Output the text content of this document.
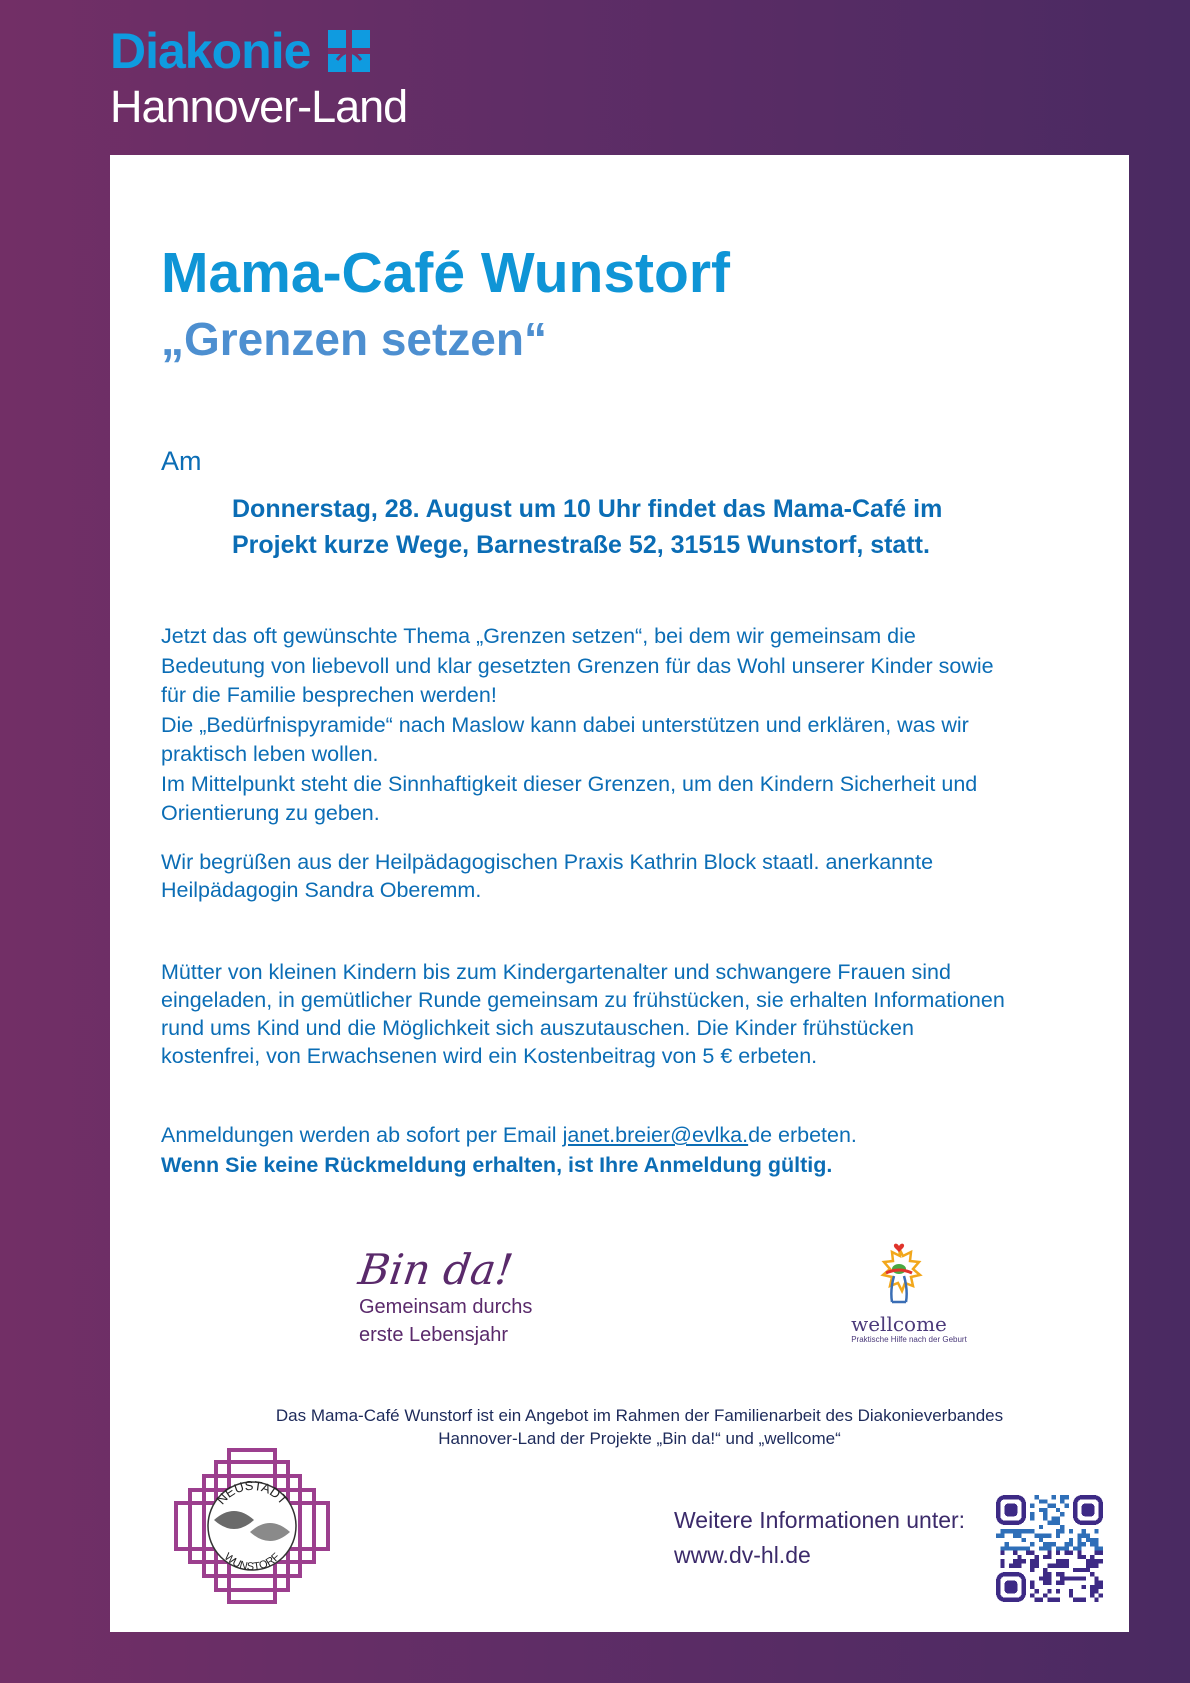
Diakonie
Hannover-Land
Mama-Café Wunstorf
„Grenzen setzen“
Am
Donnerstag, 28. August um 10 Uhr findet das Mama-Café im
Projekt kurze Wege, Barnestraße 52, 31515 Wunstorf, statt.
Jetzt das oft gewünschte Thema „Grenzen setzen“, bei dem wir gemeinsam die
Bedeutung von liebevoll und klar gesetzten Grenzen für das Wohl unserer Kinder sowie
für die Familie besprechen werden!
Die „Bedürfnispyramide“ nach Maslow kann dabei unterstützen und erklären, was wir
praktisch leben wollen.
Im Mittelpunkt steht die Sinnhaftigkeit dieser Grenzen, um den Kindern Sicherheit und
Orientierung zu geben.
Wir begrüßen aus der Heilpädagogischen Praxis Kathrin Block staatl. anerkannte
Heilpädagogin Sandra Oberemm.
Mütter von kleinen Kindern bis zum Kindergartenalter und schwangere Frauen sind
eingeladen, in gemütlicher Runde gemeinsam zu frühstücken, sie erhalten Informationen
rund ums Kind und die Möglichkeit sich auszutauschen. Die Kinder frühstücken
kostenfrei, von Erwachsenen wird ein Kostenbeitrag von 5 € erbeten.
Anmeldungen werden ab sofort per Email janet.breier@evlka.de erbeten.
Wenn Sie keine Rückmeldung erhalten, ist Ihre Anmeldung gültig.
Bin da!
Gemeinsam durchs
erste Lebensjahr	wellcome
Praktische Hilfe nach der Geburt
Das Mama-Café Wunstorf ist ein Angebot im Rahmen der Familienarbeit des Diakonieverbandes
Hannover-Land der Projekte „Bin da!“ und „wellcome“
NEUSTADT
WUNSTORF
Weitere Informationen unter:
www.dv-hl.de
